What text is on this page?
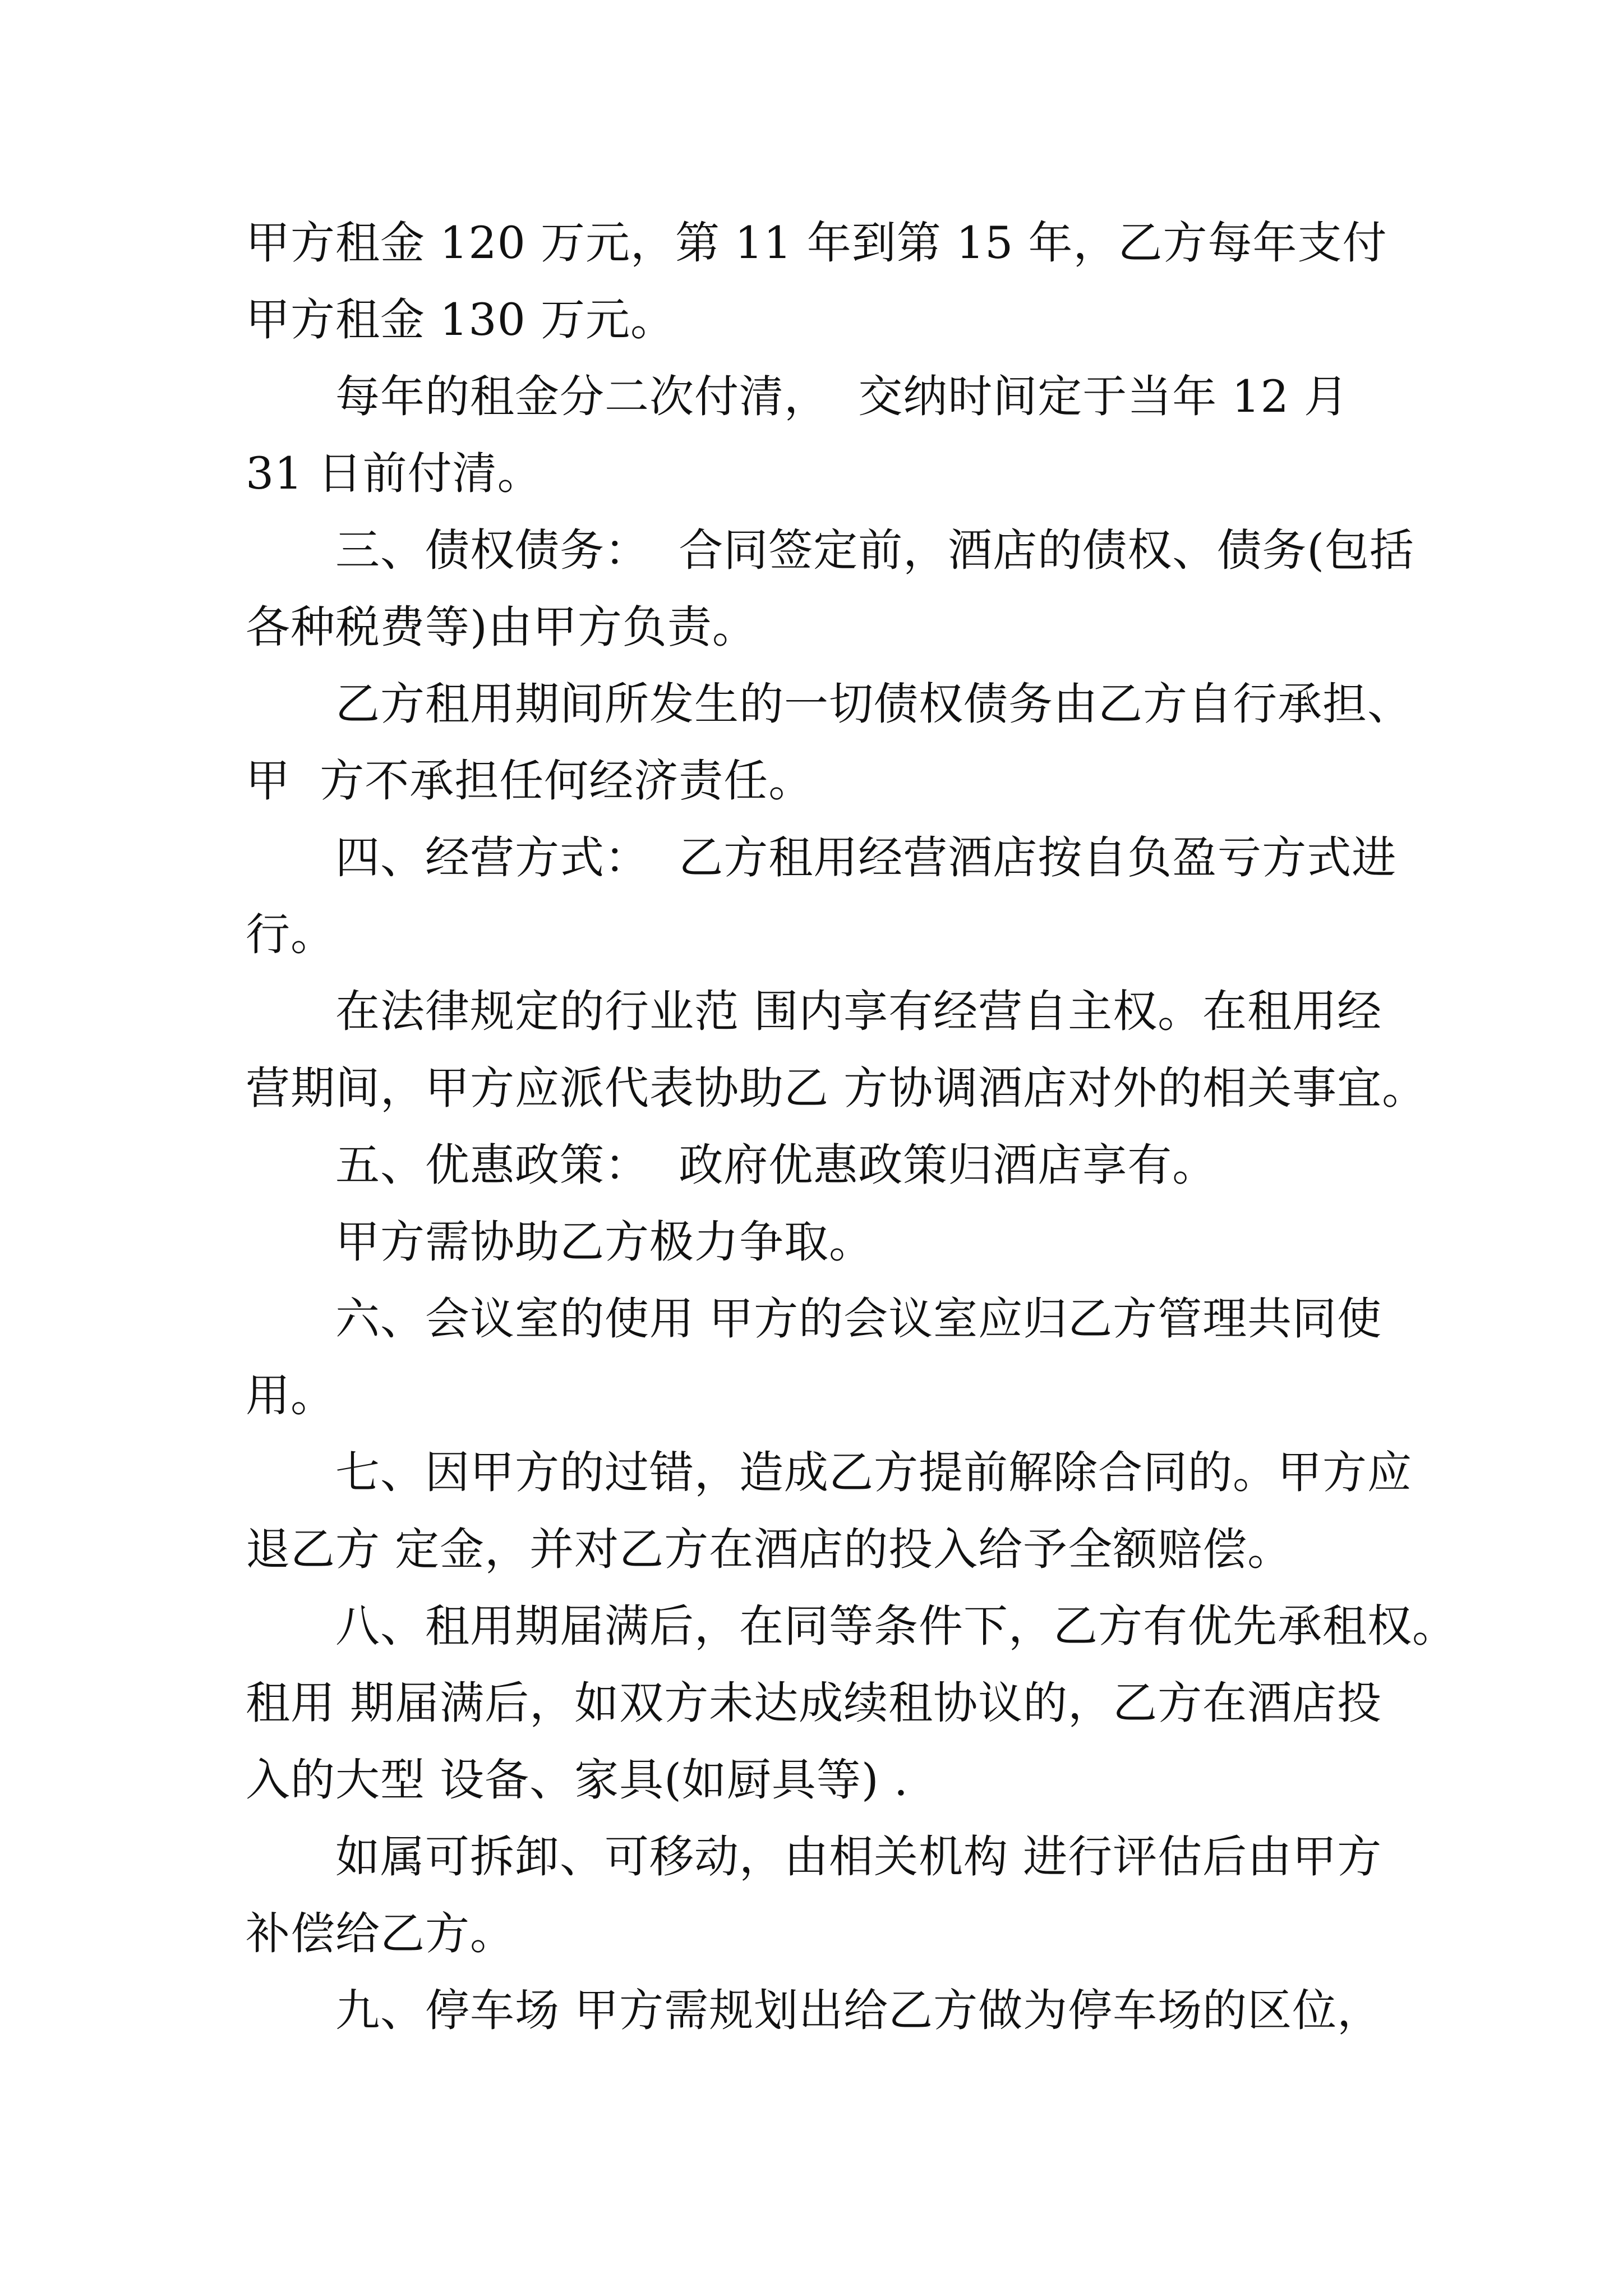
甲方租金 120 万元，第 11 年到第 15 年，乙方每年支付
甲方租金 130 万元。
每年的租金分二次付清，  交纳时间定于当年 12 月
31 日前付清。
三、债权债务：  合同签定前，酒店的债权、债务(包括
各种税费等)由甲方负责。
乙方租用期间所发生的一切债权债务由乙方自行承担、
甲  方不承担任何经济责任。
四、经营方式：  乙方租用经营酒店按自负盈亏方式进
行。
在法律规定的行业范 围内享有经营自主权。在租用经
营期间，甲方应派代表协助乙 方协调酒店对外的相关事宜。
五、优惠政策：  政府优惠政策归酒店享有。
甲方需协助乙方极力争取。
六、会议室的使用 甲方的会议室应归乙方管理共同使
用。
七、因甲方的过错，造成乙方提前解除合同的。甲方应
退乙方 定金，并对乙方在酒店的投入给予全额赔偿。
八、租用期届满后，在同等条件下，乙方有优先承租权。
租用 期届满后，如双方未达成续租协议的，乙方在酒店投
入的大型 设备、家具(如厨具等) .
如属可拆卸、可移动，由相关机构 进行评估后由甲方
补偿给乙方。
九、停车场 甲方需规划出给乙方做为停车场的区位，
